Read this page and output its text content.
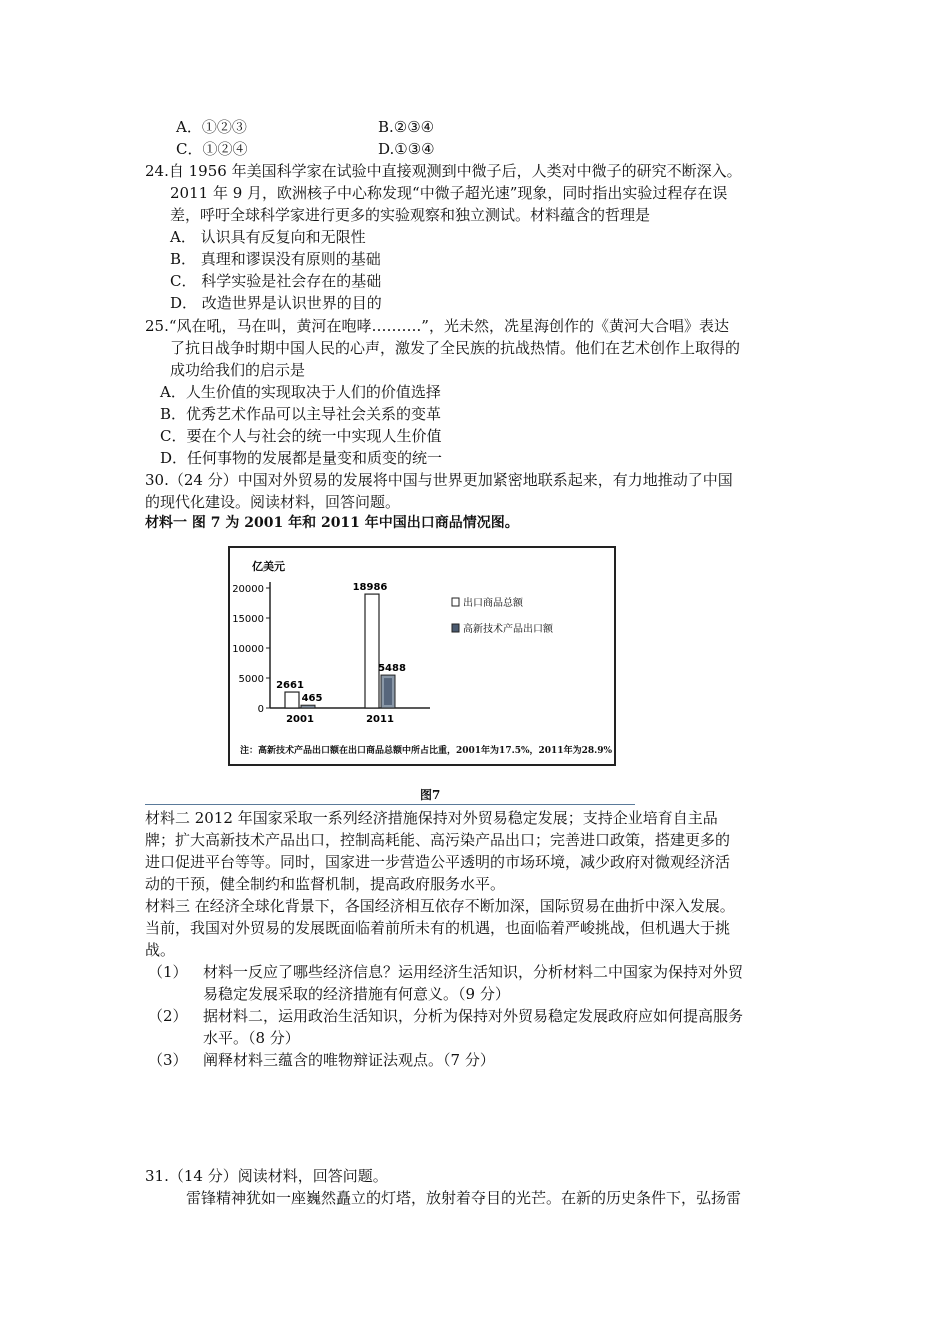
A．①②③	B.②③④
C．①②④	D.①③④
24.自 1956 年美国科学家在试验中直接观测到中微子后，人类对中微子的研究不断深入。
2011 年 9 月，欧洲核子中心称发现“中微子超光速”现象，同时指出实验过程存在误
差，呼吁全球科学家进行更多的实验观察和独立测试。材料蕴含的哲理是
A． 认识具有反复向和无限性
B． 真理和谬误没有原则的基础
C． 科学实验是社会存在的基础
D． 改造世界是认识世界的目的
25.“风在吼，马在叫，黄河在咆哮……….”，光未然，冼星海创作的《黄河大合唱》表达
了抗日战争时期中国人民的心声，激发了全民族的抗战热情。他们在艺术创作上取得的
成功给我们的启示是
A．人生价值的实现取决于人们的价值选择
B．优秀艺术作品可以主导社会关系的变革
C．要在个人与社会的统一中实现人生价值
D．任何事物的发展都是量变和质变的统一
30.（24 分）中国对外贸易的发展将中国与世界更加紧密地联系起来，有力地推动了中国
的现代化建设。阅读材料，回答问题。
材料一 图 7 为 2001 年和 2011 年中国出口商品情况图。
亿美元
0
5000
10000
15000
20000
2661
465
2001
18986
5488
2011
出口商品总额
高新技术产品出口额
注：高新技术产品出口额在出口商品总额中所占比重，2001年为17.5%，2011年为28.9%
图7
材料二 2012 年国家采取一系列经济措施保持对外贸易稳定发展；支持企业培育自主品
牌；扩大高新技术产品出口，控制高耗能、高污染产品出口；完善进口政策，搭建更多的
进口促进平台等等。同时，国家进一步营造公平透明的市场环境，减少政府对微观经济活
动的干预，健全制约和监督机制，提高政府服务水平。
材料三 在经济全球化背景下，各国经济相互依存不断加深，国际贸易在曲折中深入发展。
当前，我国对外贸易的发展既面临着前所未有的机遇，也面临着严峻挑战，但机遇大于挑
战。
（1） 材料一反应了哪些经济信息？运用经济生活知识，分析材料二中国家为保持对外贸
易稳定发展采取的经济措施有何意义。（9 分）
（2） 据材料二，运用政治生活知识，分析为保持对外贸易稳定发展政府应如何提高服务
水平。（8 分）
（3） 阐释材料三蕴含的唯物辩证法观点。（7 分）
31.（14 分）阅读材料，回答问题。
雷锋精神犹如一座巍然矗立的灯塔，放射着夺目的光芒。在新的历史条件下，弘扬雷
